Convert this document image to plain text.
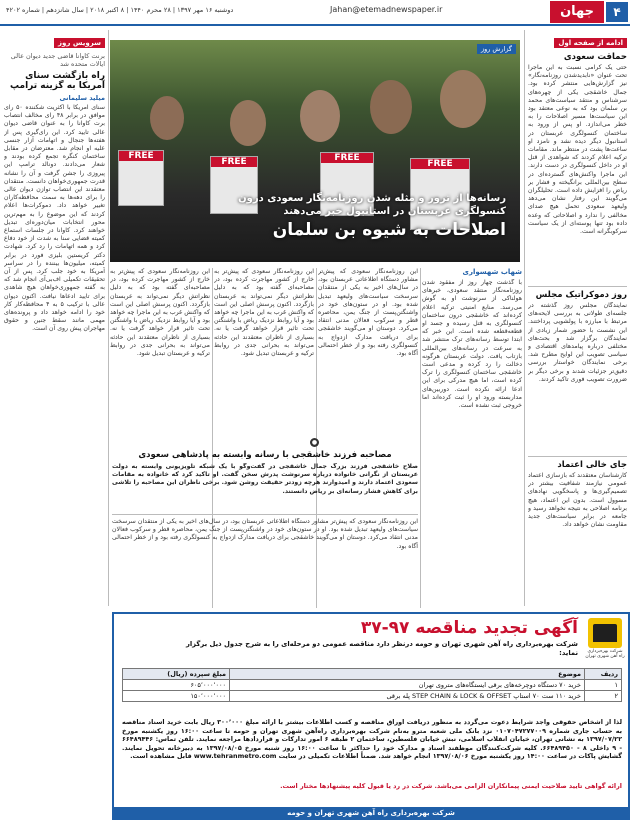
۴
جهان
Jahan@etemadnewspaper.ir
دوشنبه ۱۶ مهر ۱۳۹۷ | ۲۸ محرم ۱۴۴۰ | ۸ اکتبر ۲۰۱۸ | سال شانزدهم | شماره ۴۲۰۲
ادامه از صفحه اول
حماقت سعودی
حتی یک کرامی نسبت به این ماجرا تحت عنوان «نابدیدشدن روزنامه‌نگار» نیز گزارش‌هایی منتشر کرده بود. جمال خاشقجی یکی از چهره‌های سرشناس و منتقد سیاست‌های محمد بن سلمان بود که به نوعی معتقد بود این سیاست‌ها مسیر اصلاحات را به خطر می‌اندازد. او پس از ورود به ساختمان کنسولگری عربستان در استانبول دیگر دیده نشد و نامزد او ساعت‌ها پشت در منتظر ماند. مقامات ترکیه اعلام کردند که شواهدی از قتل او در داخل کنسولگری در دست دارند. این ماجرا واکنش‌های گسترده‌ای در سطح بین‌المللی برانگیخته و فشار بر ریاض را افزایش داده است. تحلیلگران می‌گویند این رفتار نشان می‌دهد ولیعهد سعودی تحمل هیچ صدای مخالفی را ندارد و اصلاحاتی که وعده داده بود تنها پوسته‌ای از یک سیاست سرکوبگرانه است.
روز دموکراتیک مجلس
نمایندگان مجلس روز گذشته در جلسه‌ای طولانی به بررسی لایحه‌های مرتبط با مبارزه با پولشویی پرداختند. این نشست با حضور شمار زیادی از نمایندگان برگزار شد و بحث‌های مختلفی درباره پیامدهای اقتصادی و سیاسی تصویب این لوایح مطرح شد. برخی نمایندگان خواستار بررسی دقیق‌تر جزئیات شدند و برخی دیگر بر ضرورت تصویب فوری تاکید کردند.
جای خالی اعتماد
کارشناسان معتقدند که بازسازی اعتماد عمومی نیازمند شفافیت بیشتر در تصمیم‌گیری‌ها و پاسخگویی نهادهای مسوول است. بدون این اعتماد، هیچ برنامه اصلاحی به نتیجه نخواهد رسید و جامعه در برابر سیاست‌های جدید مقاومت نشان خواهد داد.
سرویس روز
برنت کاوانا قاضی جدید دیوان عالی ایالات متحده شد
راه بازگشت سنای آمریکا به گزینه ترامپ
میلید سلیمانی
سنای آمریکا با اکثریت شکننده ۵۰ رای موافق در برابر ۴۸ رای مخالف انتصاب برت کاوانا را به عنوان قاضی دیوان عالی تایید کرد. این رای‌گیری پس از هفته‌ها جنجال و اتهامات آزار جنسی علیه او انجام شد. معترضان در مقابل ساختمان کنگره تجمع کرده بودند و شعار می‌دادند. دونالد ترامپ این پیروزی را جشن گرفت و آن را نشانه قدرت جمهوری‌خواهان دانست. منتقدان معتقدند این انتصاب توازن دیوان عالی را برای دهه‌ها به سمت محافظه‌کاران تغییر خواهد داد. دموکرات‌ها اعلام کردند که این موضوع را به مهم‌ترین محور انتخابات میان‌دوره‌ای تبدیل خواهند کرد. کاوانا در جلسات استماع کمیته قضایی سنا به شدت از خود دفاع کرد و همه اتهامات را رد کرد. شهادت دکتر کریستین بلیزی فورد در برابر کمیته، میلیون‌ها بیننده را در سراسر آمریکا به خود جلب کرد. پس از آن تحقیقات تکمیلی اف‌بی‌آی انجام شد که به گفته جمهوری‌خواهان هیچ شاهدی برای تایید ادعاها نیافت. اکنون دیوان عالی با ترکیب ۵ به ۴ محافظه‌کار کار خود را ادامه خواهد داد و پرونده‌های مهمی مانند سقط جنین و حقوق مهاجران پیش روی آن است.
گزارش روز
FREE
FREE
FREE
FREE
رسانه‌ها از ترور و مثله شدن روزنامه‌نگار سعودی درون کنسولگری عربستان در استانبول خبر می‌دهند
اصلاحات به شیوه بن سلمان
شهاب شهسواری
با گذشت چهار روز از مفقود شدن روزنامه‌نگار منتقد سعودی، خبرهای هولناکی از سرنوشت او به گوش می‌رسد. منابع امنیتی ترکیه اعلام کرده‌اند که خاشقجی درون ساختمان کنسولگری به قتل رسیده و جسد او قطعه‌قطعه شده است. این خبر که ابتدا توسط رسانه‌های ترک منتشر شد به سرعت در رسانه‌های بین‌المللی بازتاب یافت. دولت عربستان هرگونه دخالت را رد کرده و مدعی است خاشقجی ساختمان کنسولگری را ترک کرده است، اما هیچ مدرکی برای این ادعا ارائه نکرده است. دوربین‌های مداربسته ورود او را ثبت کرده‌اند اما خروجی ثبت نشده است.
این روزنامه‌نگار سعودی که پیش‌تر مشاور دستگاه اطلاعاتی عربستان بود، در سال‌های اخیر به یکی از منتقدان سرسخت سیاست‌های ولیعهد تبدیل شده بود. او در ستون‌های خود در واشنگتن‌پست از جنگ یمن، محاصره قطر و سرکوب فعالان مدنی انتقاد می‌کرد. دوستان او می‌گویند خاشقجی برای دریافت مدارک ازدواج به کنسولگری رفته بود و از خطر احتمالی آگاه بود.
این روزنامه‌نگار سعودی که پیش‌تر به خارج از کشور مهاجرت کرده بود، در مصاحبه‌ای گفته بود که به دلیل نظراتش دیگر نمی‌تواند به عربستان بازگردد. اکنون پرسش اصلی این است که واکنش غرب به این ماجرا چه خواهد بود و آیا روابط نزدیک ریاض با واشنگتن تحت تاثیر قرار خواهد گرفت یا نه. بسیاری از ناظران معتقدند این حادثه می‌تواند به بحرانی جدی در روابط ترکیه و عربستان تبدیل شود.
این روزنامه‌نگار سعودی که پیش‌تر به خارج از کشور مهاجرت کرده بود، در مصاحبه‌ای گفته بود که به دلیل نظراتش دیگر نمی‌تواند به عربستان بازگردد. اکنون پرسش اصلی این است که واکنش غرب به این ماجرا چه خواهد بود و آیا روابط نزدیک ریاض با واشنگتن تحت تاثیر قرار خواهد گرفت یا نه. بسیاری از ناظران معتقدند این حادثه می‌تواند به بحرانی جدی در روابط ترکیه و عربستان تبدیل شود.
●
مصاحبه فرزند خاشقجی با رسانه وابسته به پادشاهی سعودی
صلاح خاشقجی فرزند بزرگ جمال خاشقجی در گفت‌وگو با یک شبکه تلویزیونی وابسته به دولت عربستان از نگرانی خانواده درباره سرنوشت پدرش سخن گفت. او تاکید کرد که خانواده به مقامات سعودی اعتماد دارند و امیدوارند هرچه زودتر حقیقت روشن شود. برخی ناظران این مصاحبه را تلاشی برای کاهش فشار رسانه‌ای بر ریاض دانستند.
این روزنامه‌نگار سعودی که پیش‌تر مشاور دستگاه اطلاعاتی عربستان بود، در سال‌های اخیر به یکی از منتقدان سرسخت سیاست‌های ولیعهد تبدیل شده بود. او در ستون‌های خود در واشنگتن‌پست از جنگ یمن، محاصره قطر و سرکوب فعالان مدنی انتقاد می‌کرد. دوستان او می‌گویند خاشقجی برای دریافت مدارک ازدواج به کنسولگری رفته بود و از خطر احتمالی آگاه بود.
شرکت بهره‌برداری راه آهن شهری تهران
آگهی تجدید مناقصه ۹۷-۳۷
شرکت بهره‌برداری راه آهن شهری تهران و حومه درنظر دارد مناقصه عمومی دو مرحله‌ای را به شرح جدول ذیل برگزار نماید:
ردیف	موضوع	مبلغ سپرده (ریال)
۱	خرید ۷۰ دستگاه دوچرخه‌های برقی ایستگاه‌های متروی تهران	۶۰۵٬۰۰۰٬۰۰۰
۲	خرید ۱۱۰ ست ۷۰ استاپ STEP CHAIN & LOCK & OFFSET پله برقی	۱۵۰٬۰۰۰٬۰۰۰
لذا از اشخاص حقوقی واجد شرایط دعوت می‌گردد به منظور دریافت اوراق مناقصه و کسب اطلاعات بیشتر با ارائه مبلغ ۳۰۰٬۰۰۰ ریال بابت خرید اسناد مناقصه به حساب جاری شماره ۰۱۰۷۰۴۷۲۷۷۰۰۹ نزد بانک ملی شعبه مترو به‌نام شرکت بهره‌برداری راه‌آهن شهری تهران و حومه تا ساعت ۱۶:۰۰ روز یکشنبه مورخ ۱۳۹۷/۰۷/۲۲ به نشانی تهران، خیابان انقلاب اسلامی، نبش خیابان فلسطین، ساختمان ۲ طبقه ۶ امور تدارکات و قراردادها مراجعه نمایند. تلفن تماس: ۶۶۴۸۹۴۴۶ - ۹ داخلی ۸ - ۶۶۴۸۹۴۵۰. کلیه شرکت‌کنندگان موظفند اسناد و مدارک خود را حداکثر تا ساعت ۱۶:۰۰ روز شنبه مورخ ۱۳۹۷/۰۸/۰۵ به دبیرخانه تحویل نمایند. گشایش پاکات در ساعت ۱۴:۰۰ روز یکشنبه مورخ ۱۳۹۷/۰۸/۰۶ انجام خواهد شد. ضمناً اطلاعات تکمیلی در سایت www.tehranmetro.com قابل مشاهده است.
ارائه گواهی تایید صلاحیت ایمنی پیمانکاران الزامی می‌باشد. شرکت در رد یا قبول کلیه پیشنهادها مختار است.
شرکت بهره‌برداری راه آهن شهری تهران و حومه
